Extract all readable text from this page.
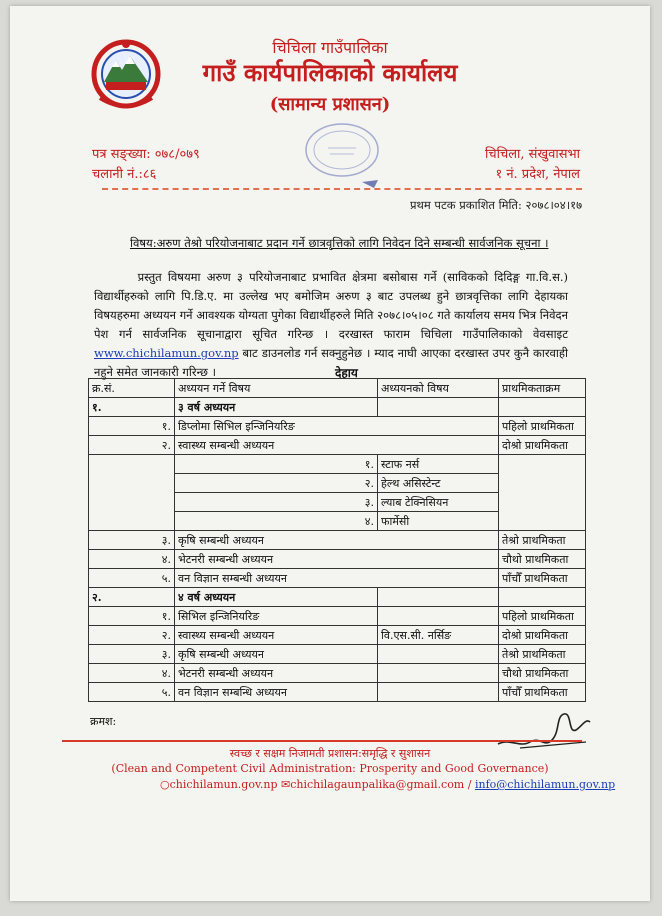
चिचिला गाउँपालिका
गाउँ कार्यपालिकाको कार्यालय
(सामान्य प्रशासन)
पत्र सङ्ख्या: ०७८/०७९
चलानी नं.:८६
चिचिला, संखुवासभा
१ नं. प्रदेश, नेपाल
प्रथम पटक प्रकाशित मिति: २०७८।०४।१७
विषय:अरुण तेश्रो परियोजनाबाट प्रदान गर्ने छात्रवृत्तिको लागि निवेदन दिने सम्बन्धी सार्वजनिक सूचना ।
प्रस्तुत विषयमा अरुण ३ परियोजनाबाट प्रभावित क्षेत्रमा बसोबास गर्ने (साविकको दिदिङ्ग गा.वि.स.) विद्यार्थीहरुको लागि पि.डि.ए. मा उल्लेख भए बमोजिम अरुण ३ बाट उपलब्ध हुने छात्रवृत्तिका लागि देहायका विषयहरुमा अध्ययन गर्ने आवश्यक योग्यता पुगेका विद्यार्थीहरुले मिति २०७८।०५।०८ गते कार्यालय समय भित्र निवेदन पेश गर्न सार्वजनिक सूचानाद्वारा सूचित गरिन्छ । दरखास्त फाराम चिचिला गाउँपालिकाको वेवसाइट www.chichilamun.gov.np बाट डाउनलोड गर्न सक्नुहुनेछ । म्याद नाघी आएका दरखास्त उपर कुनै कारवाही नहुने समेत जानकारी गरिन्छ ।	देहाय
क्र.सं.	अध्ययन गर्ने विषय	अध्ययनको विषय	प्राथमिकताक्रम
१.	३ वर्ष अध्ययन		
१.	डिप्लोमा सिभिल इन्जिनियरिङ		पहिलो प्राथमिकता
२.	स्वास्थ्य सम्बन्धी अध्ययन		दोश्रो प्राथमिकता
	१.	स्टाफ नर्स	
	२.	हेल्थ असिस्टेन्ट	
	३.	ल्याब टेक्निसियन	
	४.	फार्मेसी	
३.	कृषि सम्बन्धी अध्ययन		तेश्रो प्राथमिकता
४.	भेटनरी सम्बन्धी अध्ययन		चौथो प्राथमिकता
५.	वन विज्ञान सम्बन्धी अध्ययन		पाँचौँ प्राथमिकता
२.	४ वर्ष अध्ययन		
१.	सिभिल इन्जिनियरिङ		पहिलो प्राथमिकता
२.	स्वास्थ्य सम्बन्धी अध्ययन	वि.एस.सी. नर्सिङ	दोश्रो प्राथमिकता
३.	कृषि सम्बन्धी अध्ययन		तेश्रो प्राथमिकता
४.	भेटनरी सम्बन्धी अध्ययन		चौथो प्राथमिकता
५.	वन विज्ञान सम्बन्धि अध्ययन		पाँचौँ प्राथमिकता
क्रमश:
स्वच्छ र सक्षम निजामती प्रशासन:समृद्धि र सुशासन
(Clean and Competent Civil Administration: Prosperity and Good Governance)
○chichilamun.gov.np ✉chichilagaunpalika@gmail.com / info@chichilamun.gov.np
